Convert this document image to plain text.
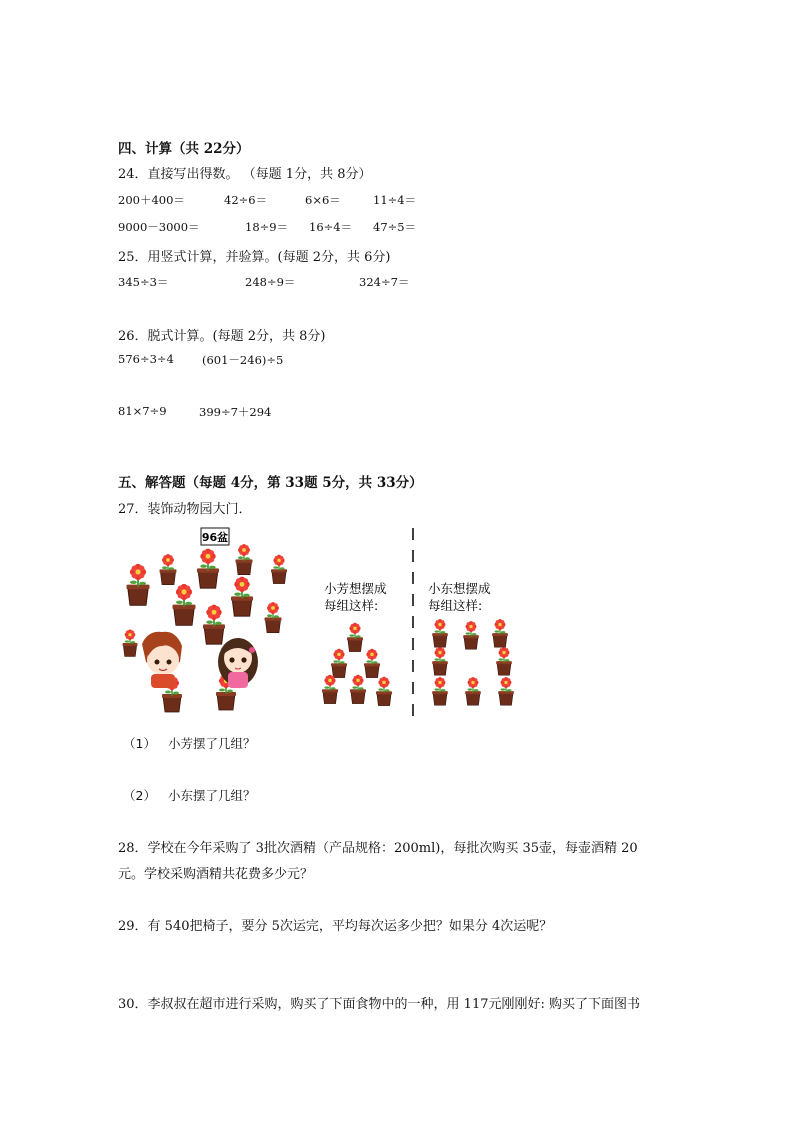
四、计算（共 22分）
24．直接写出得数。 （每题 1分，共 8分）
200＋400＝	42÷6＝	6×6＝	11÷4＝
9000－3000＝	18÷9＝ 16÷4＝ 47÷5＝
25．用竖式计算，并验算。(每题 2分，共 6分)
345÷3＝	248÷9＝	324÷7＝
26．脱式计算。(每题 2分，共 8分)
576÷3÷4 (601－246)÷5
81×7÷9	399÷7＋294
五、解答题（每题 4分，第 33题 5分，共 33分）
27．装饰动物园大门．
96盆
小芳想摆成
每组这样:
小东想摆成
每组这样:
（1） 小芳摆了几组？
（2） 小东摆了几组？
28．学校在今年采购了 3批次酒精（产品规格：200ml)，每批次购买 35壶，每壶酒精 20
元。学校采购酒精共花费多少元？
29．有 540把椅子，要分 5次运完，平均每次运多少把？如果分 4次运呢？
30．李叔叔在超市进行采购，购买了下面食物中的一种，用 117元刚刚好: 购买了下面图书
